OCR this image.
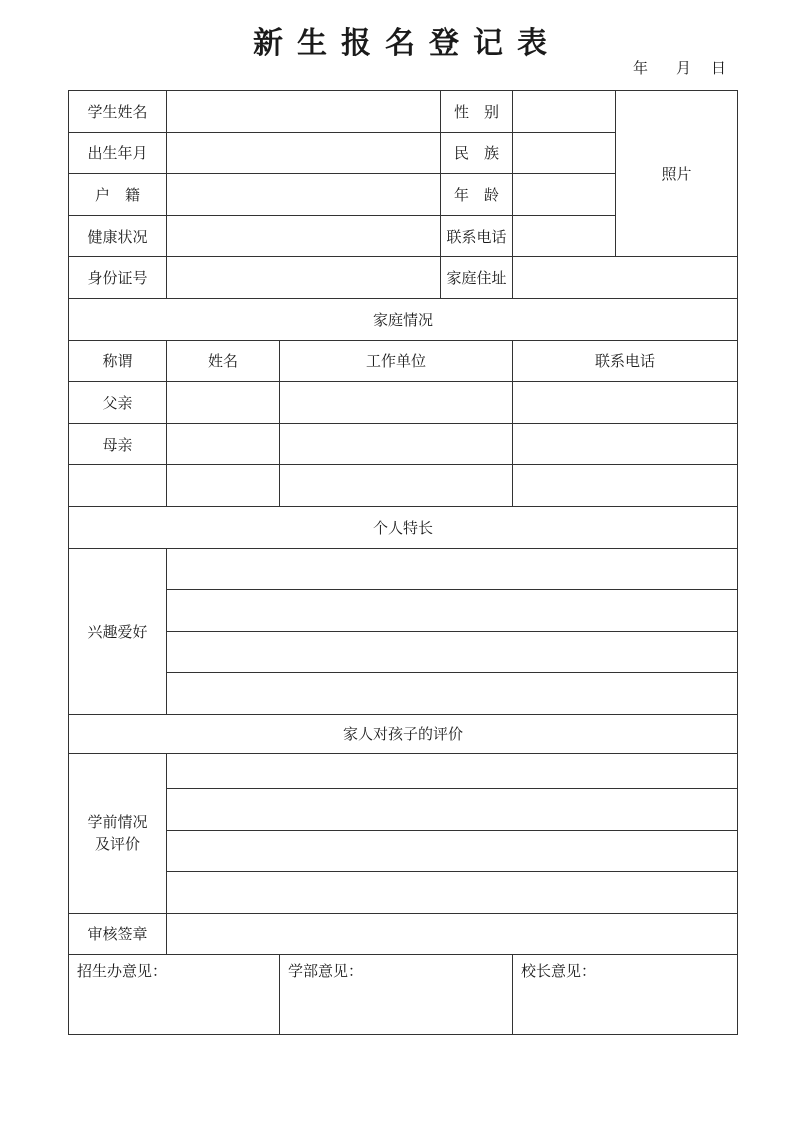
新生报名登记表
年 月 日
学生姓名			性　别		照片
出生年月			民　族		
户　籍			年　龄		
健康状况			联系电话		
身份证号			家庭住址		
家庭情况					
称谓	姓名	工作单位		联系电话	
父亲					
母亲					

个人特长					
兴趣爱好					

家人对孩子的评价					

学前情况
及评价					

审核签章					
招生办意见：		学部意见：		校长意见：	
